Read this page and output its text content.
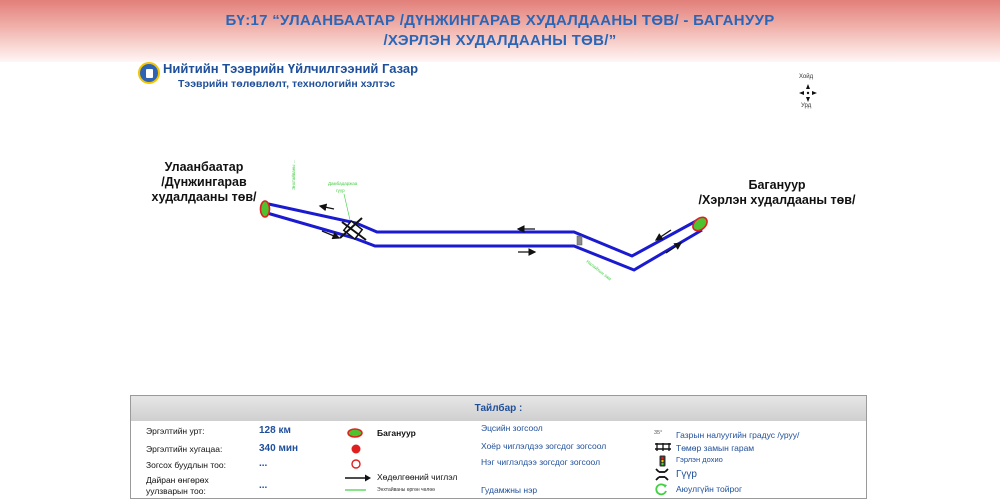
БҮ:17 “УЛААНБААТАР /ДҮНЖИНГАРАВ ХУДАЛДААНЫ ТӨВ/ - БАГАНУУР
/ХЭРЛЭН ХУДАЛДААНЫ ТӨВ/”
Нийтийн Тээврийн Үйлчилгээний Газар
Тээврийн төлөвлөлт, технологийн хэлтэс
Хойд
Урд
Улаанбаатар
/Дүнжингарав
худалдааны төв/
Багануур
/Хэрлэн худалдааны төв/
Энхтайваны ...	Дамбадаржаа
гүүр
Налайхын зам
Тайлбар :
Эргэлтийн урт:	128 км
Эргэлтийн хугацаа:	340 мин
Зогсох буудлын тоо:	...
Дайран өнгөрөх
уулзварын тоо:	...
Багануур
Хөдөлгөөний чиглэл
Энхтайваны өргөн чөлөө
Эцсийн зогсоол
Хоёр чиглэлдээ зогсдог зогсоол
Нэг чиглэлдээ зогсдог зогсоол
Гудамжны нэр
35° Газрын налуугийн градус /уруу/
Төмөр замын гарам
Гэрлэн дохио
Гүүр
Аюулгүйн тойрог
